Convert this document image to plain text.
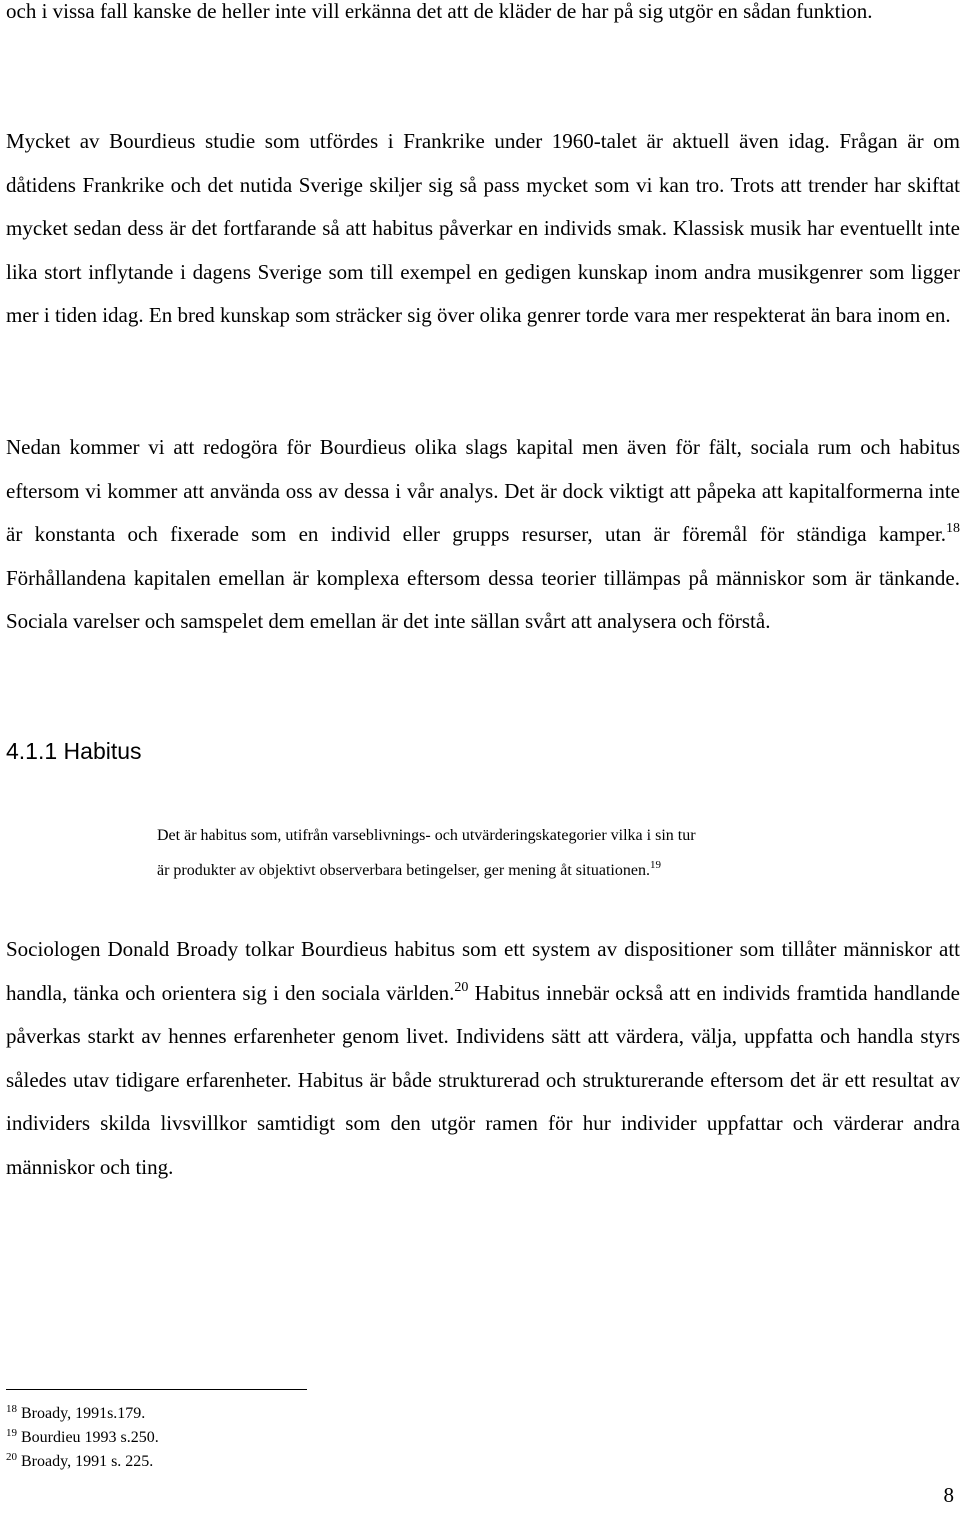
och i vissa fall kanske de heller inte vill erkänna det att de kläder de har på sig utgör en sådan funktion.

Mycket av Bourdieus studie som utfördes i Frankrike under 1960-talet är aktuell även idag. Frågan är om dåtidens Frankrike och det nutida Sverige skiljer sig så pass mycket som vi kan tro. Trots att trender har skiftat mycket sedan dess är det fortfarande så att habitus påverkar en individs smak. Klassisk musik har eventuellt inte lika stort inflytande i dagens Sverige som till exempel en gedigen kunskap inom andra musikgenrer som ligger mer i tiden idag. En bred kunskap som sträcker sig över olika genrer torde vara mer respekterat än bara inom en.

Nedan kommer vi att redogöra för Bourdieus olika slags kapital men även för fält, sociala rum och habitus eftersom vi kommer att använda oss av dessa i vår analys. Det är dock viktigt att påpeka att kapitalformerna inte är konstanta och fixerade som en individ eller grupps resurser, utan är föremål för ständiga kamper.$^{18}$ Förhållandena kapitalen emellan är komplexa eftersom dessa teorier tillämpas på människor som är tänkande. Sociala varelser och samspelet dem emellan är det inte sällan svårt att analysera och förstå.

4.1.1 Habitus

Det är habitus som, utifrån varseblivnings- och utvärderingskategorier vilka i sin tur
är produkter av objektivt observerbara betingelser, ger mening åt situationen.$^{19}$

Sociologen Donald Broady tolkar Bourdieus habitus som ett system av dispositioner som tillåter människor att handla, tänka och orientera sig i den sociala världen.$^{20}$ Habitus innebär också att en individs framtida handlande påverkas starkt av hennes erfarenheter genom livet. Individens sätt att värdera, välja, uppfatta och handla styrs således utav tidigare erfarenheter. Habitus är både strukturerad och strukturerande eftersom det är ett resultat av individers skilda livsvillkor samtidigt som den utgör ramen för hur individer uppfattar och värderar andra människor och ting.

$^{18}$ Broady, 1991s.179.
$^{19}$ Bourdieu 1993 s.250.
$^{20}$ Broady, 1991 s. 225.
8
